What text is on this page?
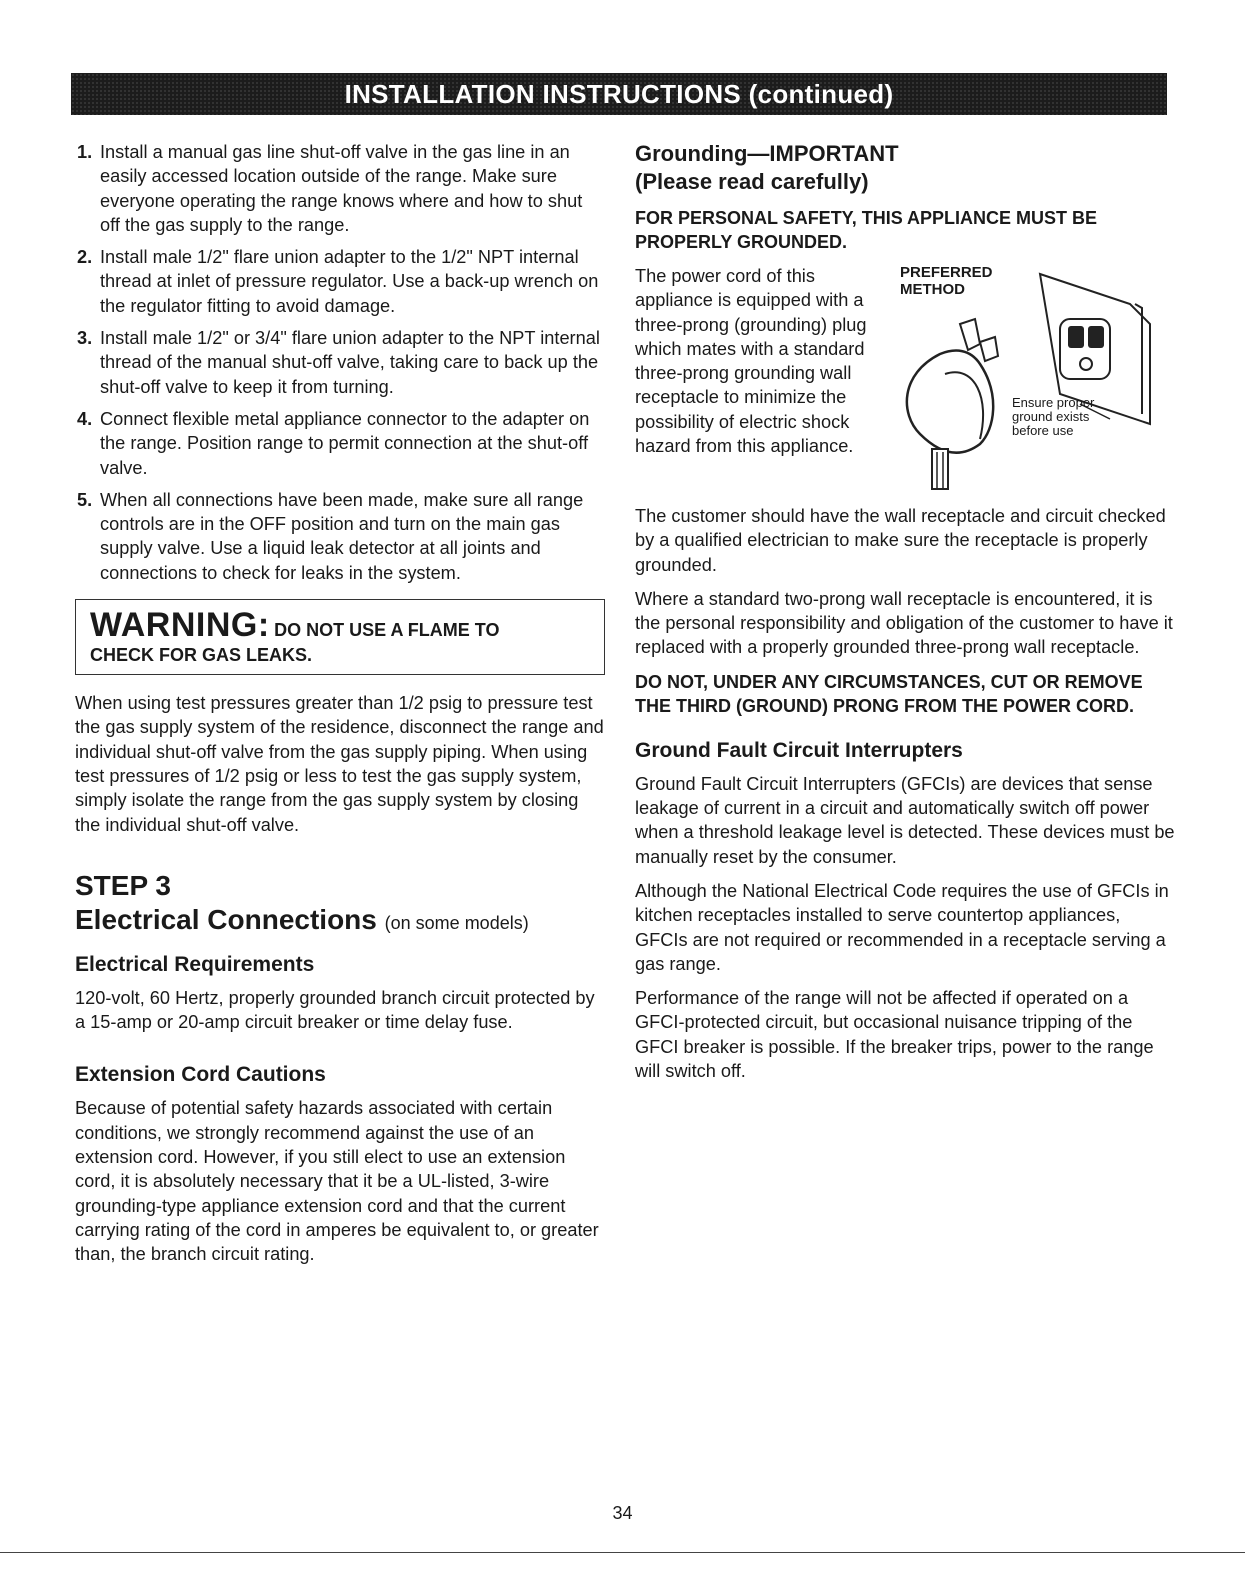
INSTALLATION INSTRUCTIONS (continued)
1. Install a manual gas line shut-off valve in the gas line in an easily accessed location outside of the range. Make sure everyone operating the range knows where and how to shut off the gas supply to the range.
2. Install male 1/2" flare union adapter to the 1/2" NPT internal thread at inlet of pressure regulator. Use a back-up wrench on the regulator fitting to avoid damage.
3. Install male 1/2" or 3/4" flare union adapter to the NPT internal thread of the manual shut-off valve, taking care to back up the shut-off valve to keep it from turning.
4. Connect flexible metal appliance connector to the adapter on the range. Position range to permit connection at the shut-off valve.
5. When all connections have been made, make sure all range controls are in the OFF position and turn on the main gas supply valve. Use a liquid leak detector at all joints and connections to check for leaks in the system.
WARNING: DO NOT USE A FLAME TO
CHECK FOR GAS LEAKS.

When using test pressures greater than 1/2 psig to pressure test the gas supply system of the residence, disconnect the range and individual shut-off valve from the gas supply piping. When using test pressures of 1/2 psig or less to test the gas supply system, simply isolate the range from the gas supply system by closing the individual shut-off valve.

STEP 3
Electrical Connections (on some models)
Electrical Requirements

120-volt, 60 Hertz, properly grounded branch circuit protected by a 15-amp or 20-amp circuit breaker or time delay fuse.

Extension Cord Cautions

Because of potential safety hazards associated with certain conditions, we strongly recommend against the use of an extension cord. However, if you still elect to use an extension cord, it is absolutely necessary that it be a UL-listed, 3-wire grounding-type appliance extension cord and that the current carrying rating of the cord in amperes be equivalent to, or greater than, the branch circuit rating.

Grounding—IMPORTANT
(Please read carefully)
FOR PERSONAL SAFETY, THIS APPLIANCE MUST BE PROPERLY GROUNDED.

The power cord of this appliance is equipped with a three-prong (grounding) plug which mates with a standard three-prong grounding wall receptacle to minimize the possibility of electric shock hazard from this appliance.

PREFERRED METHOD
Ensure proper
ground exists
before use

The customer should have the wall receptacle and circuit checked by a qualified electrician to make sure the receptacle is properly grounded.

Where a standard two-prong wall receptacle is encountered, it is the personal responsibility and obligation of the customer to have it replaced with a properly grounded three-prong wall receptacle.

DO NOT, UNDER ANY CIRCUMSTANCES, CUT OR REMOVE THE THIRD (GROUND) PRONG FROM THE POWER CORD.
Ground Fault Circuit Interrupters

Ground Fault Circuit Interrupters (GFCIs) are devices that sense leakage of current in a circuit and automatically switch off power when a threshold leakage level is detected. These devices must be manually reset by the consumer.

Although the National Electrical Code requires the use of GFCIs in kitchen receptacles installed to serve countertop appliances, GFCIs are not required or recommended in a receptacle serving a gas range.

Performance of the range will not be affected if operated on a GFCI-protected circuit, but occasional nuisance tripping of the GFCI breaker is possible. If the breaker trips, power to the range will switch off.

34
